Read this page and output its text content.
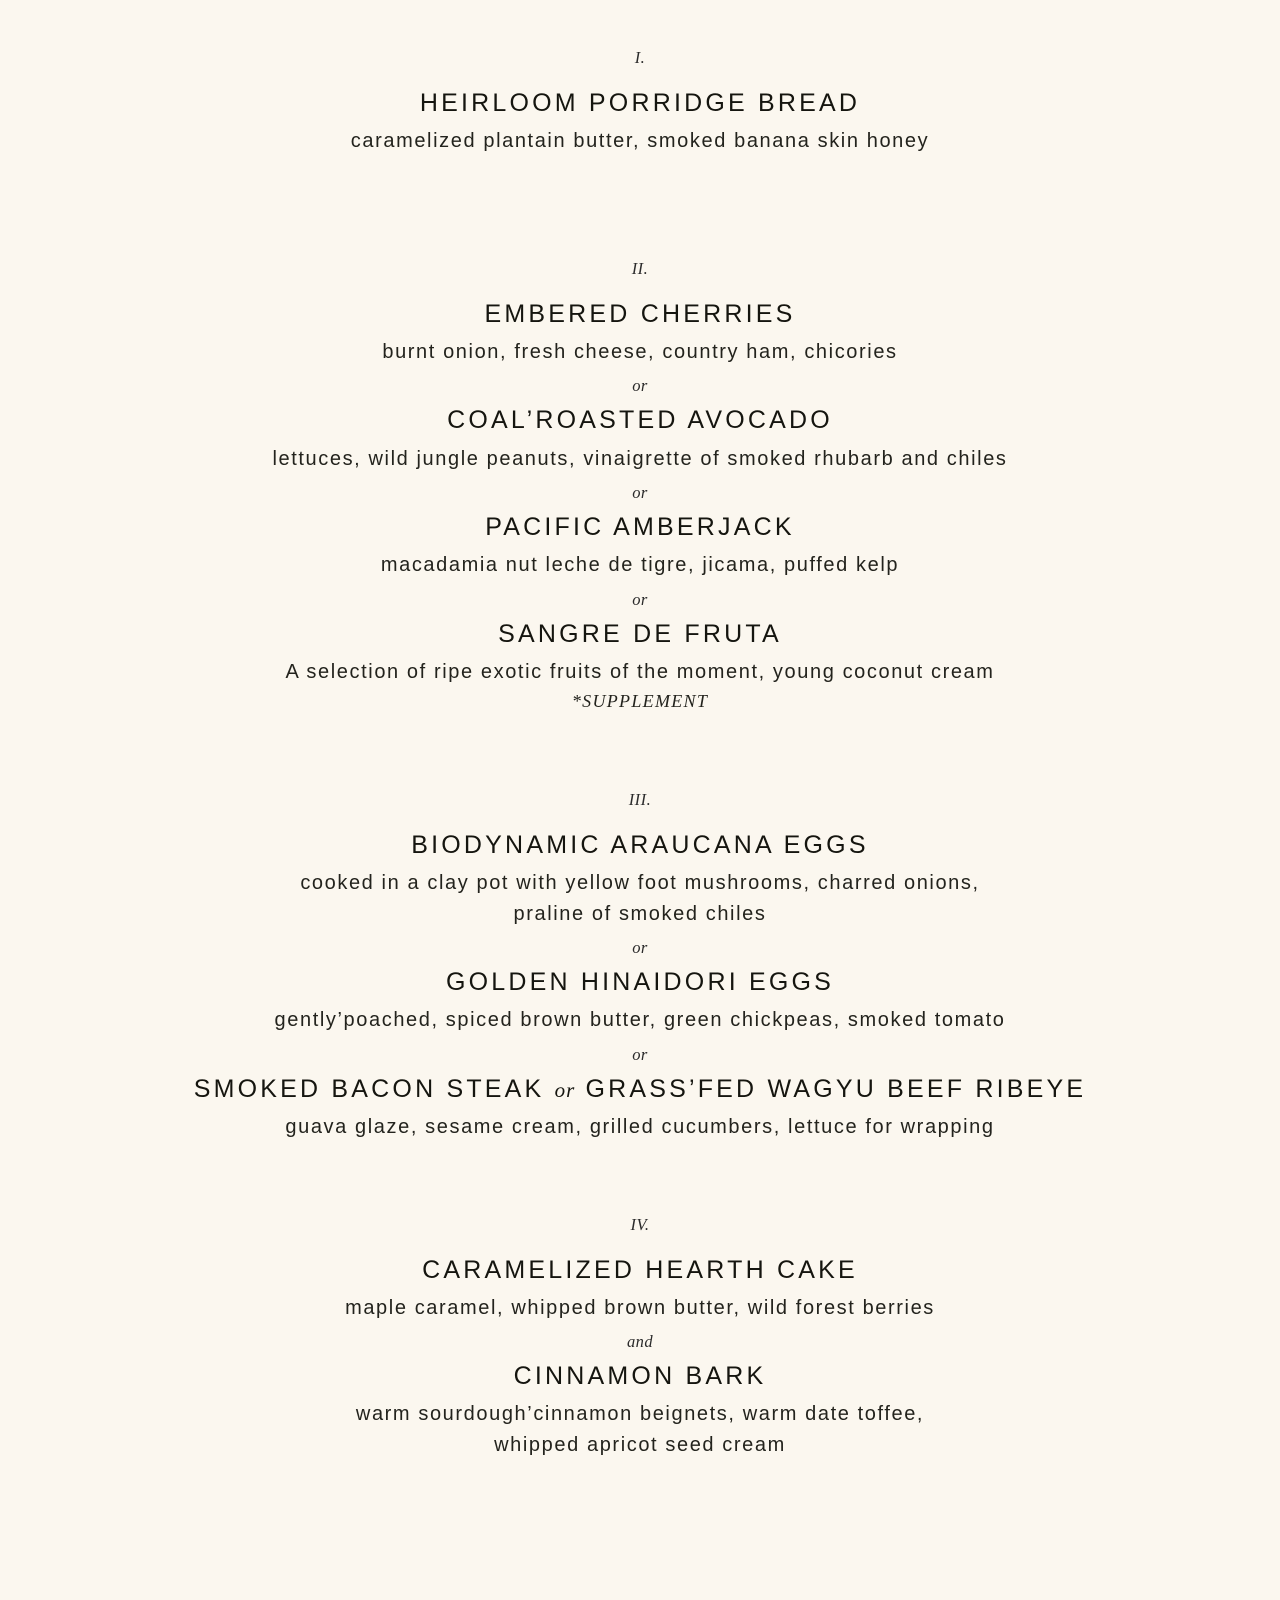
I.
HEIRLOOM PORRIDGE BREAD
caramelized plantain butter, smoked banana skin honey
II.
EMBERED CHERRIES
burnt onion, fresh cheese, country ham, chicories
or
COAL’ROASTED AVOCADO
lettuces, wild jungle peanuts, vinaigrette of smoked rhubarb and chiles
or
PACIFIC AMBERJACK
macadamia nut leche de tigre, jicama, puffed kelp
or
SANGRE DE FRUTA
A selection of ripe exotic fruits of the moment, young coconut cream
*SUPPLEMENT
III.
BIODYNAMIC ARAUCANA EGGS
cooked in a clay pot with yellow foot mushrooms, charred onions,
praline of smoked chiles
or
GOLDEN HINAIDORI EGGS
gently’poached, spiced brown butter, green chickpeas, smoked tomato
or
SMOKED BACON STEAK or GRASS’FED WAGYU BEEF RIBEYE
guava glaze, sesame cream, grilled cucumbers, lettuce for wrapping
IV.
CARAMELIZED HEARTH CAKE
maple caramel, whipped brown butter, wild forest berries
and
CINNAMON BARK
warm sourdough’cinnamon beignets, warm date toffee,
whipped apricot seed cream
